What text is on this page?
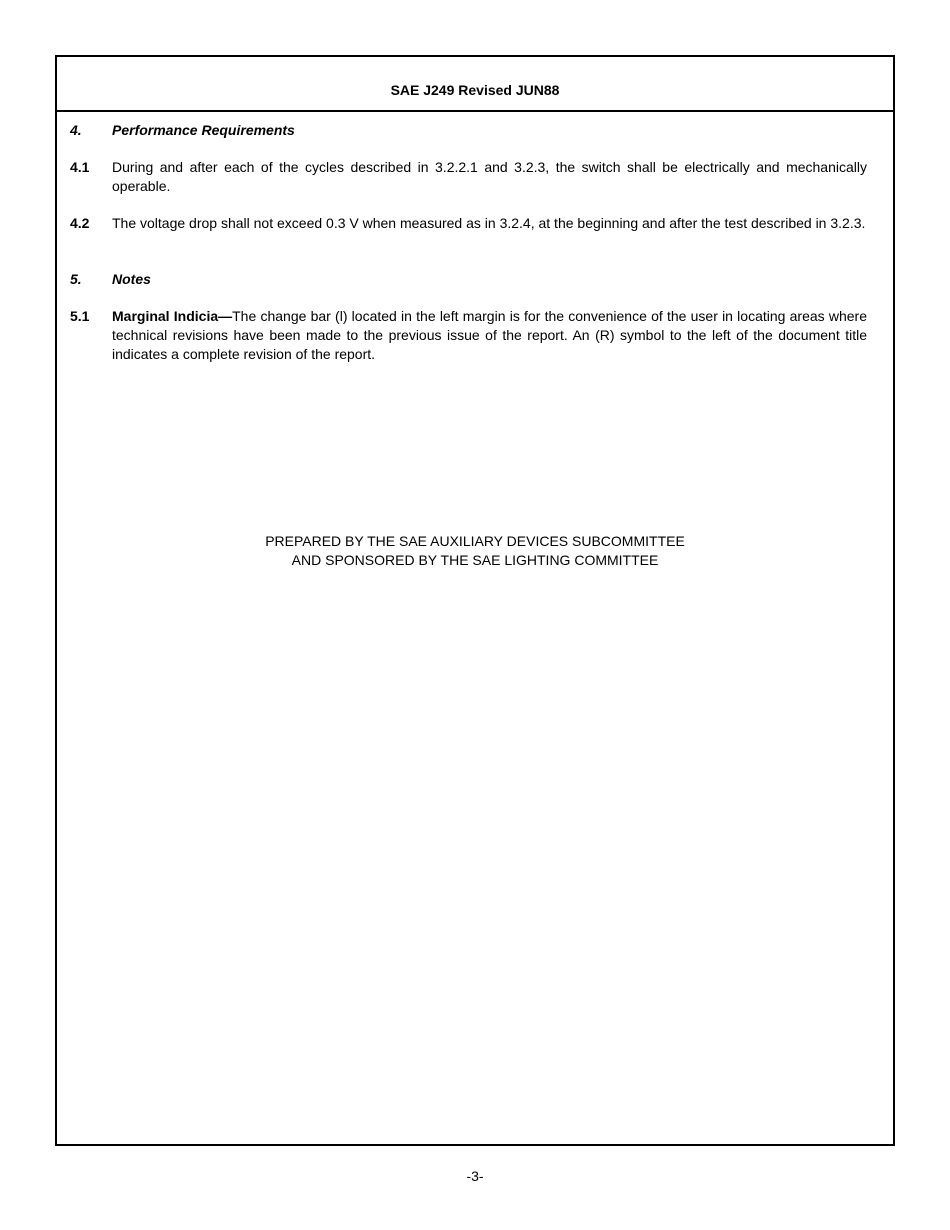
SAE J249 Revised JUN88
4.	Performance Requirements
4.1	During and after each of the cycles described in 3.2.2.1 and 3.2.3, the switch shall be electrically and mechanically operable.
4.2	The voltage drop shall not exceed 0.3 V when measured as in 3.2.4, at the beginning and after the test described in 3.2.3.
5.	Notes
5.1	Marginal Indicia—The change bar (l) located in the left margin is for the convenience of the user in locating areas where technical revisions have been made to the previous issue of the report. An (R) symbol to the left of the document title indicates a complete revision of the report.
PREPARED BY THE SAE AUXILIARY DEVICES SUBCOMMITTEE
AND SPONSORED BY THE SAE LIGHTING COMMITTEE
-3-
